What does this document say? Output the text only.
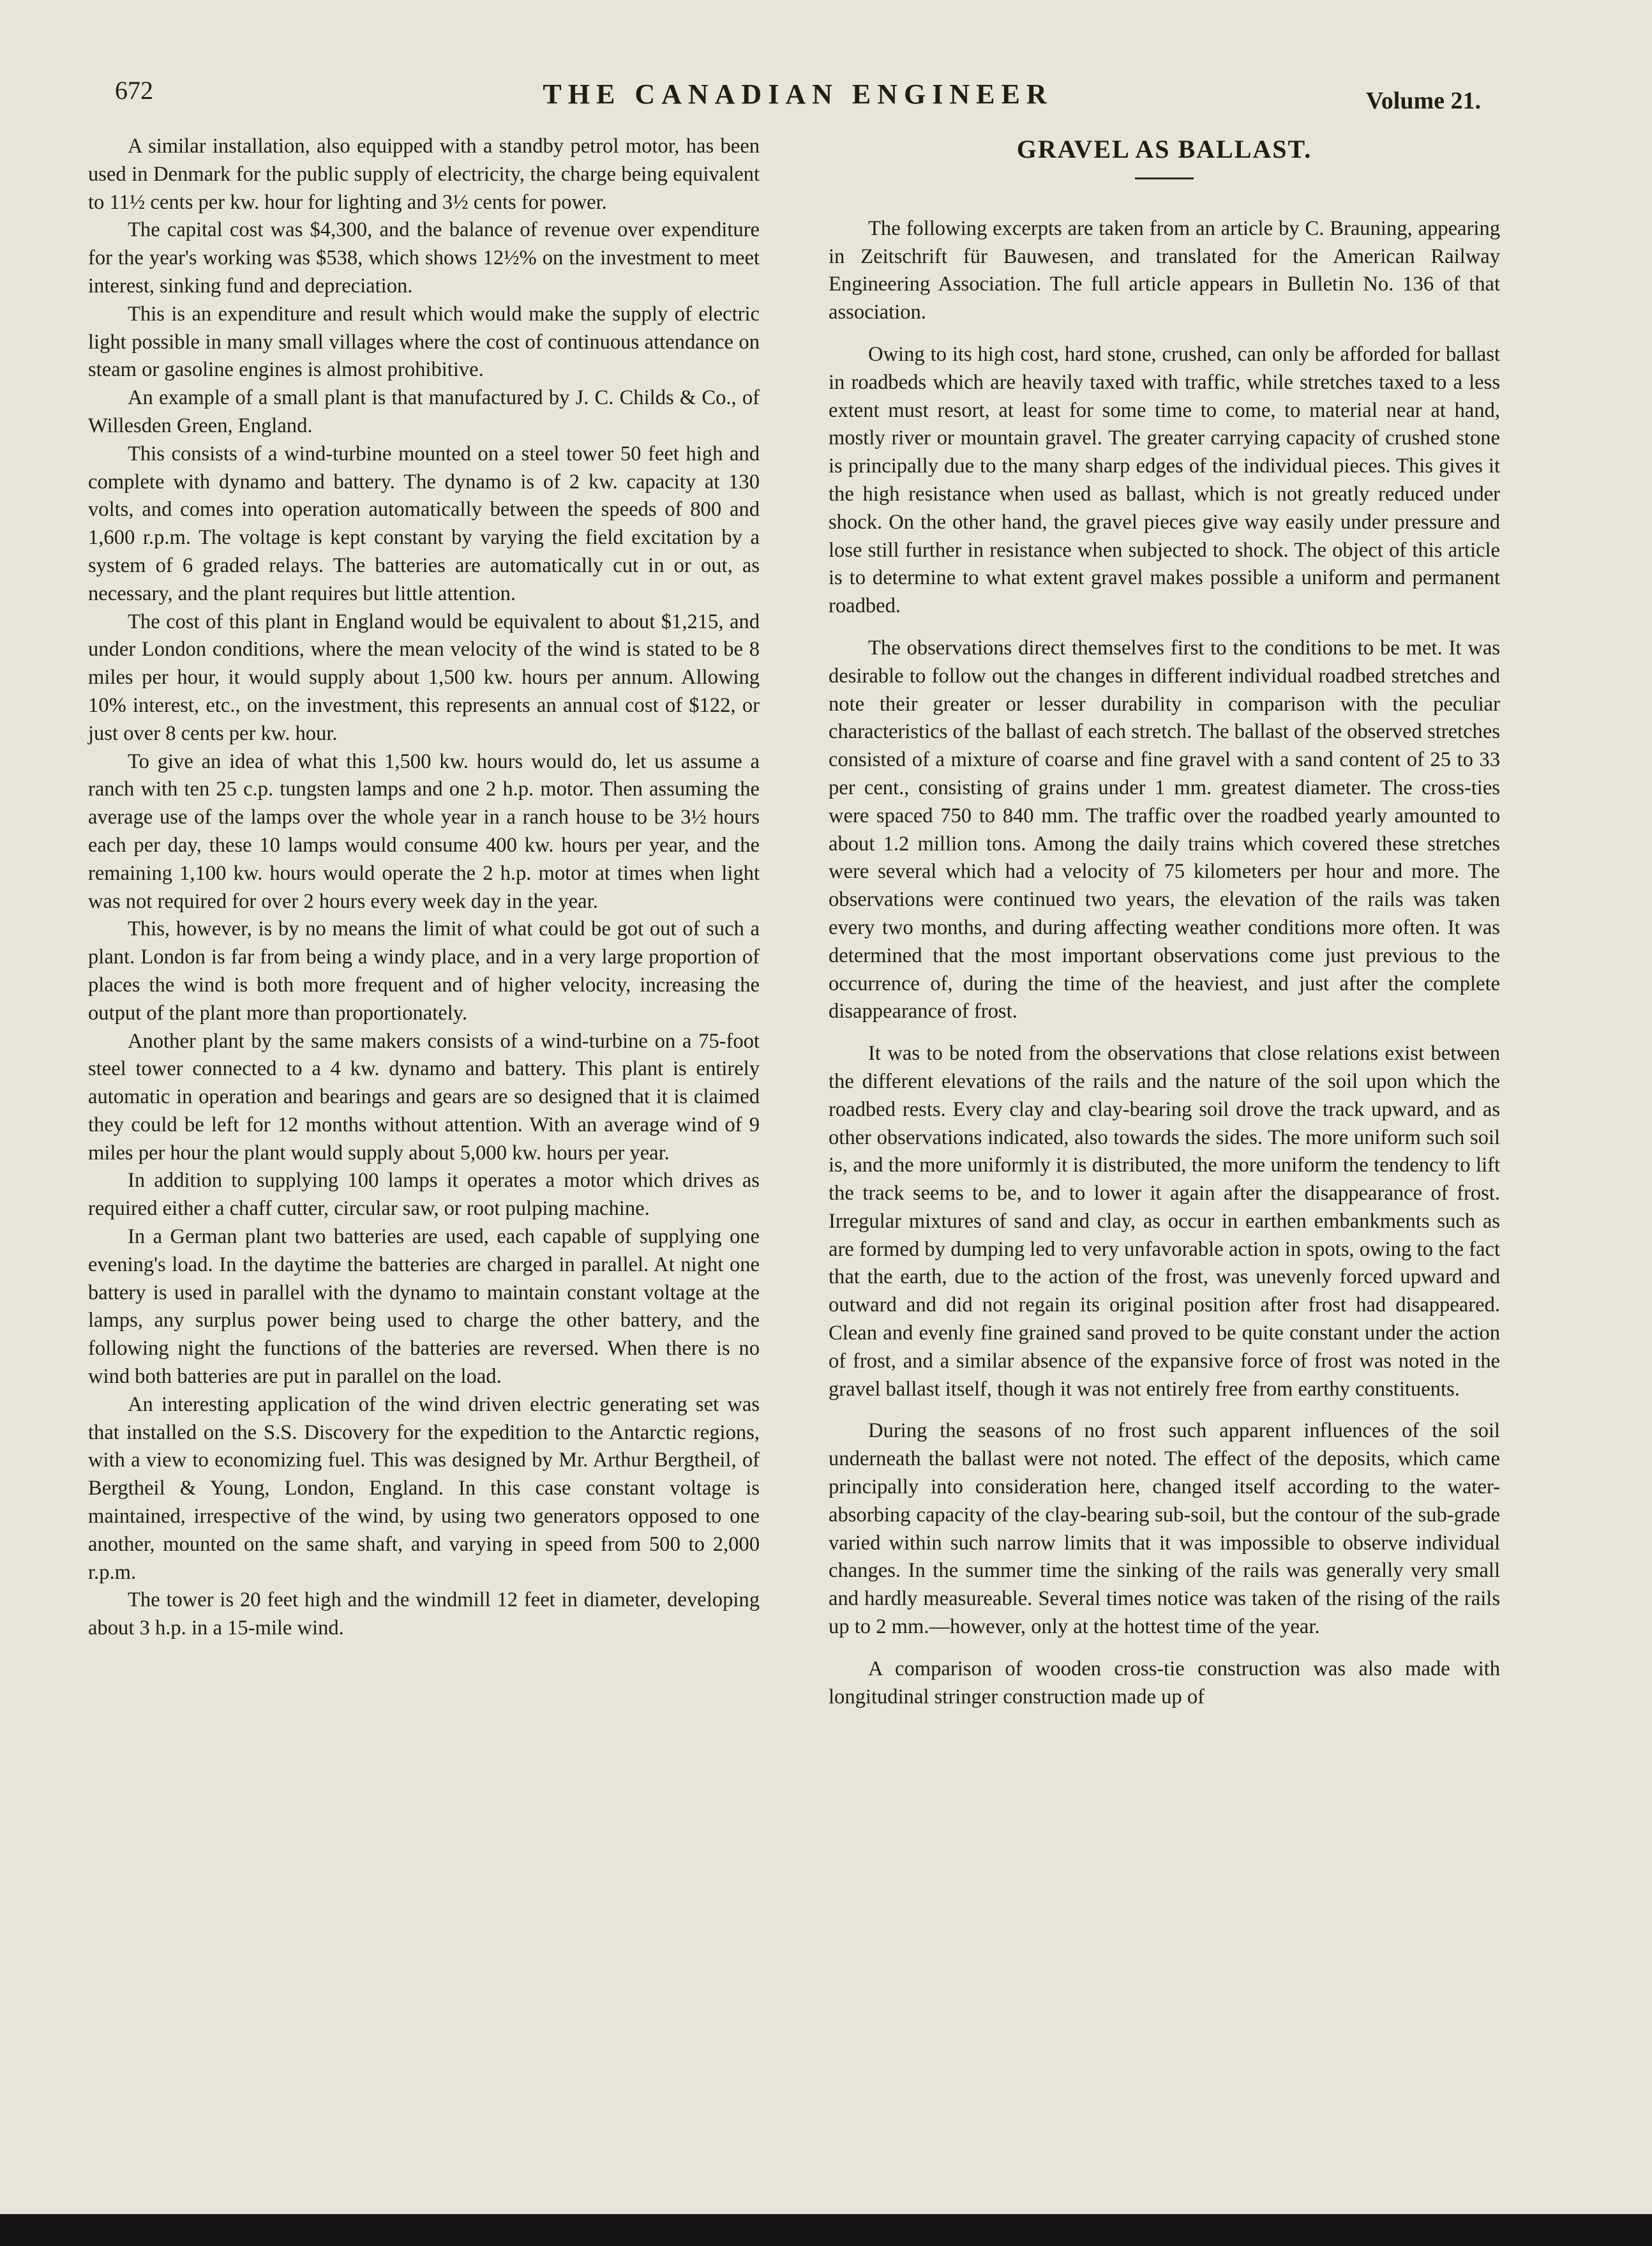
672	THE CANADIAN ENGINEER	Volume 21.

A similar installation, also equipped with a standby petrol motor, has been used in Denmark for the public supply of electricity, the charge being equivalent to 11½ cents per kw. hour for lighting and 3½ cents for power.

The capital cost was $4,300, and the balance of revenue over expenditure for the year's working was $538, which shows 12½% on the investment to meet interest, sinking fund and depreciation.

This is an expenditure and result which would make the supply of electric light possible in many small villages where the cost of continuous attendance on steam or gasoline engines is almost prohibitive.

An example of a small plant is that manufactured by J. C. Childs & Co., of Willesden Green, England.

This consists of a wind-turbine mounted on a steel tower 50 feet high and complete with dynamo and battery. The dynamo is of 2 kw. capacity at 130 volts, and comes into operation automatically between the speeds of 800 and 1,600 r.p.m. The voltage is kept constant by varying the field excitation by a system of 6 graded relays. The batteries are automatically cut in or out, as necessary, and the plant requires but little attention.

The cost of this plant in England would be equivalent to about $1,215, and under London conditions, where the mean velocity of the wind is stated to be 8 miles per hour, it would supply about 1,500 kw. hours per annum. Allowing 10% interest, etc., on the investment, this represents an annual cost of $122, or just over 8 cents per kw. hour.

To give an idea of what this 1,500 kw. hours would do, let us assume a ranch with ten 25 c.p. tungsten lamps and one 2 h.p. motor. Then assuming the average use of the lamps over the whole year in a ranch house to be 3½ hours each per day, these 10 lamps would consume 400 kw. hours per year, and the remaining 1,100 kw. hours would operate the 2 h.p. motor at times when light was not required for over 2 hours every week day in the year.

This, however, is by no means the limit of what could be got out of such a plant. London is far from being a windy place, and in a very large proportion of places the wind is both more frequent and of higher velocity, increasing the output of the plant more than proportionately.

Another plant by the same makers consists of a wind-turbine on a 75-foot steel tower connected to a 4 kw. dynamo and battery. This plant is entirely automatic in operation and bearings and gears are so designed that it is claimed they could be left for 12 months without attention. With an average wind of 9 miles per hour the plant would supply about 5,000 kw. hours per year.

In addition to supplying 100 lamps it operates a motor which drives as required either a chaff cutter, circular saw, or root pulping machine.

In a German plant two batteries are used, each capable of supplying one evening's load. In the daytime the batteries are charged in parallel. At night one battery is used in parallel with the dynamo to maintain constant voltage at the lamps, any surplus power being used to charge the other battery, and the following night the functions of the batteries are reversed. When there is no wind both batteries are put in parallel on the load.

An interesting application of the wind driven electric generating set was that installed on the S.S. Discovery for the expedition to the Antarctic regions, with a view to economizing fuel. This was designed by Mr. Arthur Bergtheil, of Bergtheil & Young, London, England. In this case constant voltage is maintained, irrespective of the wind, by using two generators opposed to one another, mounted on the same shaft, and varying in speed from 500 to 2,000 r.p.m.

The tower is 20 feet high and the windmill 12 feet in diameter, developing about 3 h.p. in a 15-mile wind.

GRAVEL AS BALLAST.

The following excerpts are taken from an article by C. Brauning, appearing in Zeitschrift für Bauwesen, and translated for the American Railway Engineering Association. The full article appears in Bulletin No. 136 of that association.

Owing to its high cost, hard stone, crushed, can only be afforded for ballast in roadbeds which are heavily taxed with traffic, while stretches taxed to a less extent must resort, at least for some time to come, to material near at hand, mostly river or mountain gravel. The greater carrying capacity of crushed stone is principally due to the many sharp edges of the individual pieces. This gives it the high resistance when used as ballast, which is not greatly reduced under shock. On the other hand, the gravel pieces give way easily under pressure and lose still further in resistance when subjected to shock. The object of this article is to determine to what extent gravel makes possible a uniform and permanent roadbed.

The observations direct themselves first to the conditions to be met. It was desirable to follow out the changes in different individual roadbed stretches and note their greater or lesser durability in comparison with the peculiar characteristics of the ballast of each stretch. The ballast of the observed stretches consisted of a mixture of coarse and fine gravel with a sand content of 25 to 33 per cent., consisting of grains under 1 mm. greatest diameter. The cross-ties were spaced 750 to 840 mm. The traffic over the roadbed yearly amounted to about 1.2 million tons. Among the daily trains which covered these stretches were several which had a velocity of 75 kilometers per hour and more. The observations were continued two years, the elevation of the rails was taken every two months, and during affecting weather conditions more often. It was determined that the most important observations come just previous to the occurrence of, during the time of the heaviest, and just after the complete disappearance of frost.

It was to be noted from the observations that close relations exist between the different elevations of the rails and the nature of the soil upon which the roadbed rests. Every clay and clay-bearing soil drove the track upward, and as other observations indicated, also towards the sides. The more uniform such soil is, and the more uniformly it is distributed, the more uniform the tendency to lift the track seems to be, and to lower it again after the disappearance of frost. Irregular mixtures of sand and clay, as occur in earthen embankments such as are formed by dumping led to very unfavorable action in spots, owing to the fact that the earth, due to the action of the frost, was unevenly forced upward and outward and did not regain its original position after frost had disappeared. Clean and evenly fine grained sand proved to be quite constant under the action of frost, and a similar absence of the expansive force of frost was noted in the gravel ballast itself, though it was not entirely free from earthy constituents.

During the seasons of no frost such apparent influences of the soil underneath the ballast were not noted. The effect of the deposits, which came principally into consideration here, changed itself according to the water-absorbing capacity of the clay-bearing sub-soil, but the contour of the sub-grade varied within such narrow limits that it was impossible to observe individual changes. In the summer time the sinking of the rails was generally very small and hardly measureable. Several times notice was taken of the rising of the rails up to 2 mm.—however, only at the hottest time of the year.

A comparison of wooden cross-tie construction was also made with longitudinal stringer construction made up of
